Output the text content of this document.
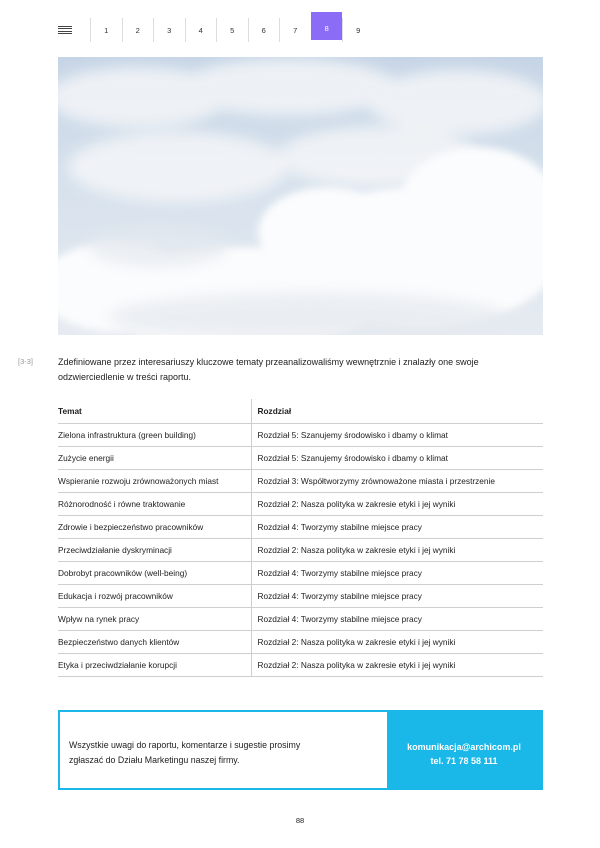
1	2	3	4	5	6	7	8	9
[3-3]	Zdefiniowane przez interesariuszy kluczowe tematy przeanalizowaliśmy wewnętrznie i znalazły one swoje odzwierciedlenie w treści raportu.
Temat	Rozdział
Zielona infrastruktura (green building)	Rozdział 5: Szanujemy środowisko i dbamy o klimat
Zużycie energii	Rozdział 5: Szanujemy środowisko i dbamy o klimat
Wspieranie rozwoju zrównoważonych miast	Rozdział 3: Współtworzymy zrównoważone miasta i przestrzenie
Różnorodność i równe traktowanie	Rozdział 2: Nasza polityka w zakresie etyki i jej wyniki
Zdrowie i bezpieczeństwo pracowników	Rozdział 4: Tworzymy stabilne miejsce pracy
Przeciwdziałanie dyskryminacji	Rozdział 2: Nasza polityka w zakresie etyki i jej wyniki
Dobrobyt pracowników (well-being)	Rozdział 4: Tworzymy stabilne miejsce pracy
Edukacja i rozwój pracowników	Rozdział 4: Tworzymy stabilne miejsce pracy
Wpływ na rynek pracy	Rozdział 4: Tworzymy stabilne miejsce pracy
Bezpieczeństwo danych klientów	Rozdział 2: Nasza polityka w zakresie etyki i jej wyniki
Etyka i przeciwdziałanie korupcji	Rozdział 2: Nasza polityka w zakresie etyki i jej wyniki
Wszystkie uwagi do raportu, komentarze i sugestie prosimy
zgłaszać do Działu Marketingu naszej firmy.
komunikacja@archicom.pl
tel. 71 78 58 111
88
